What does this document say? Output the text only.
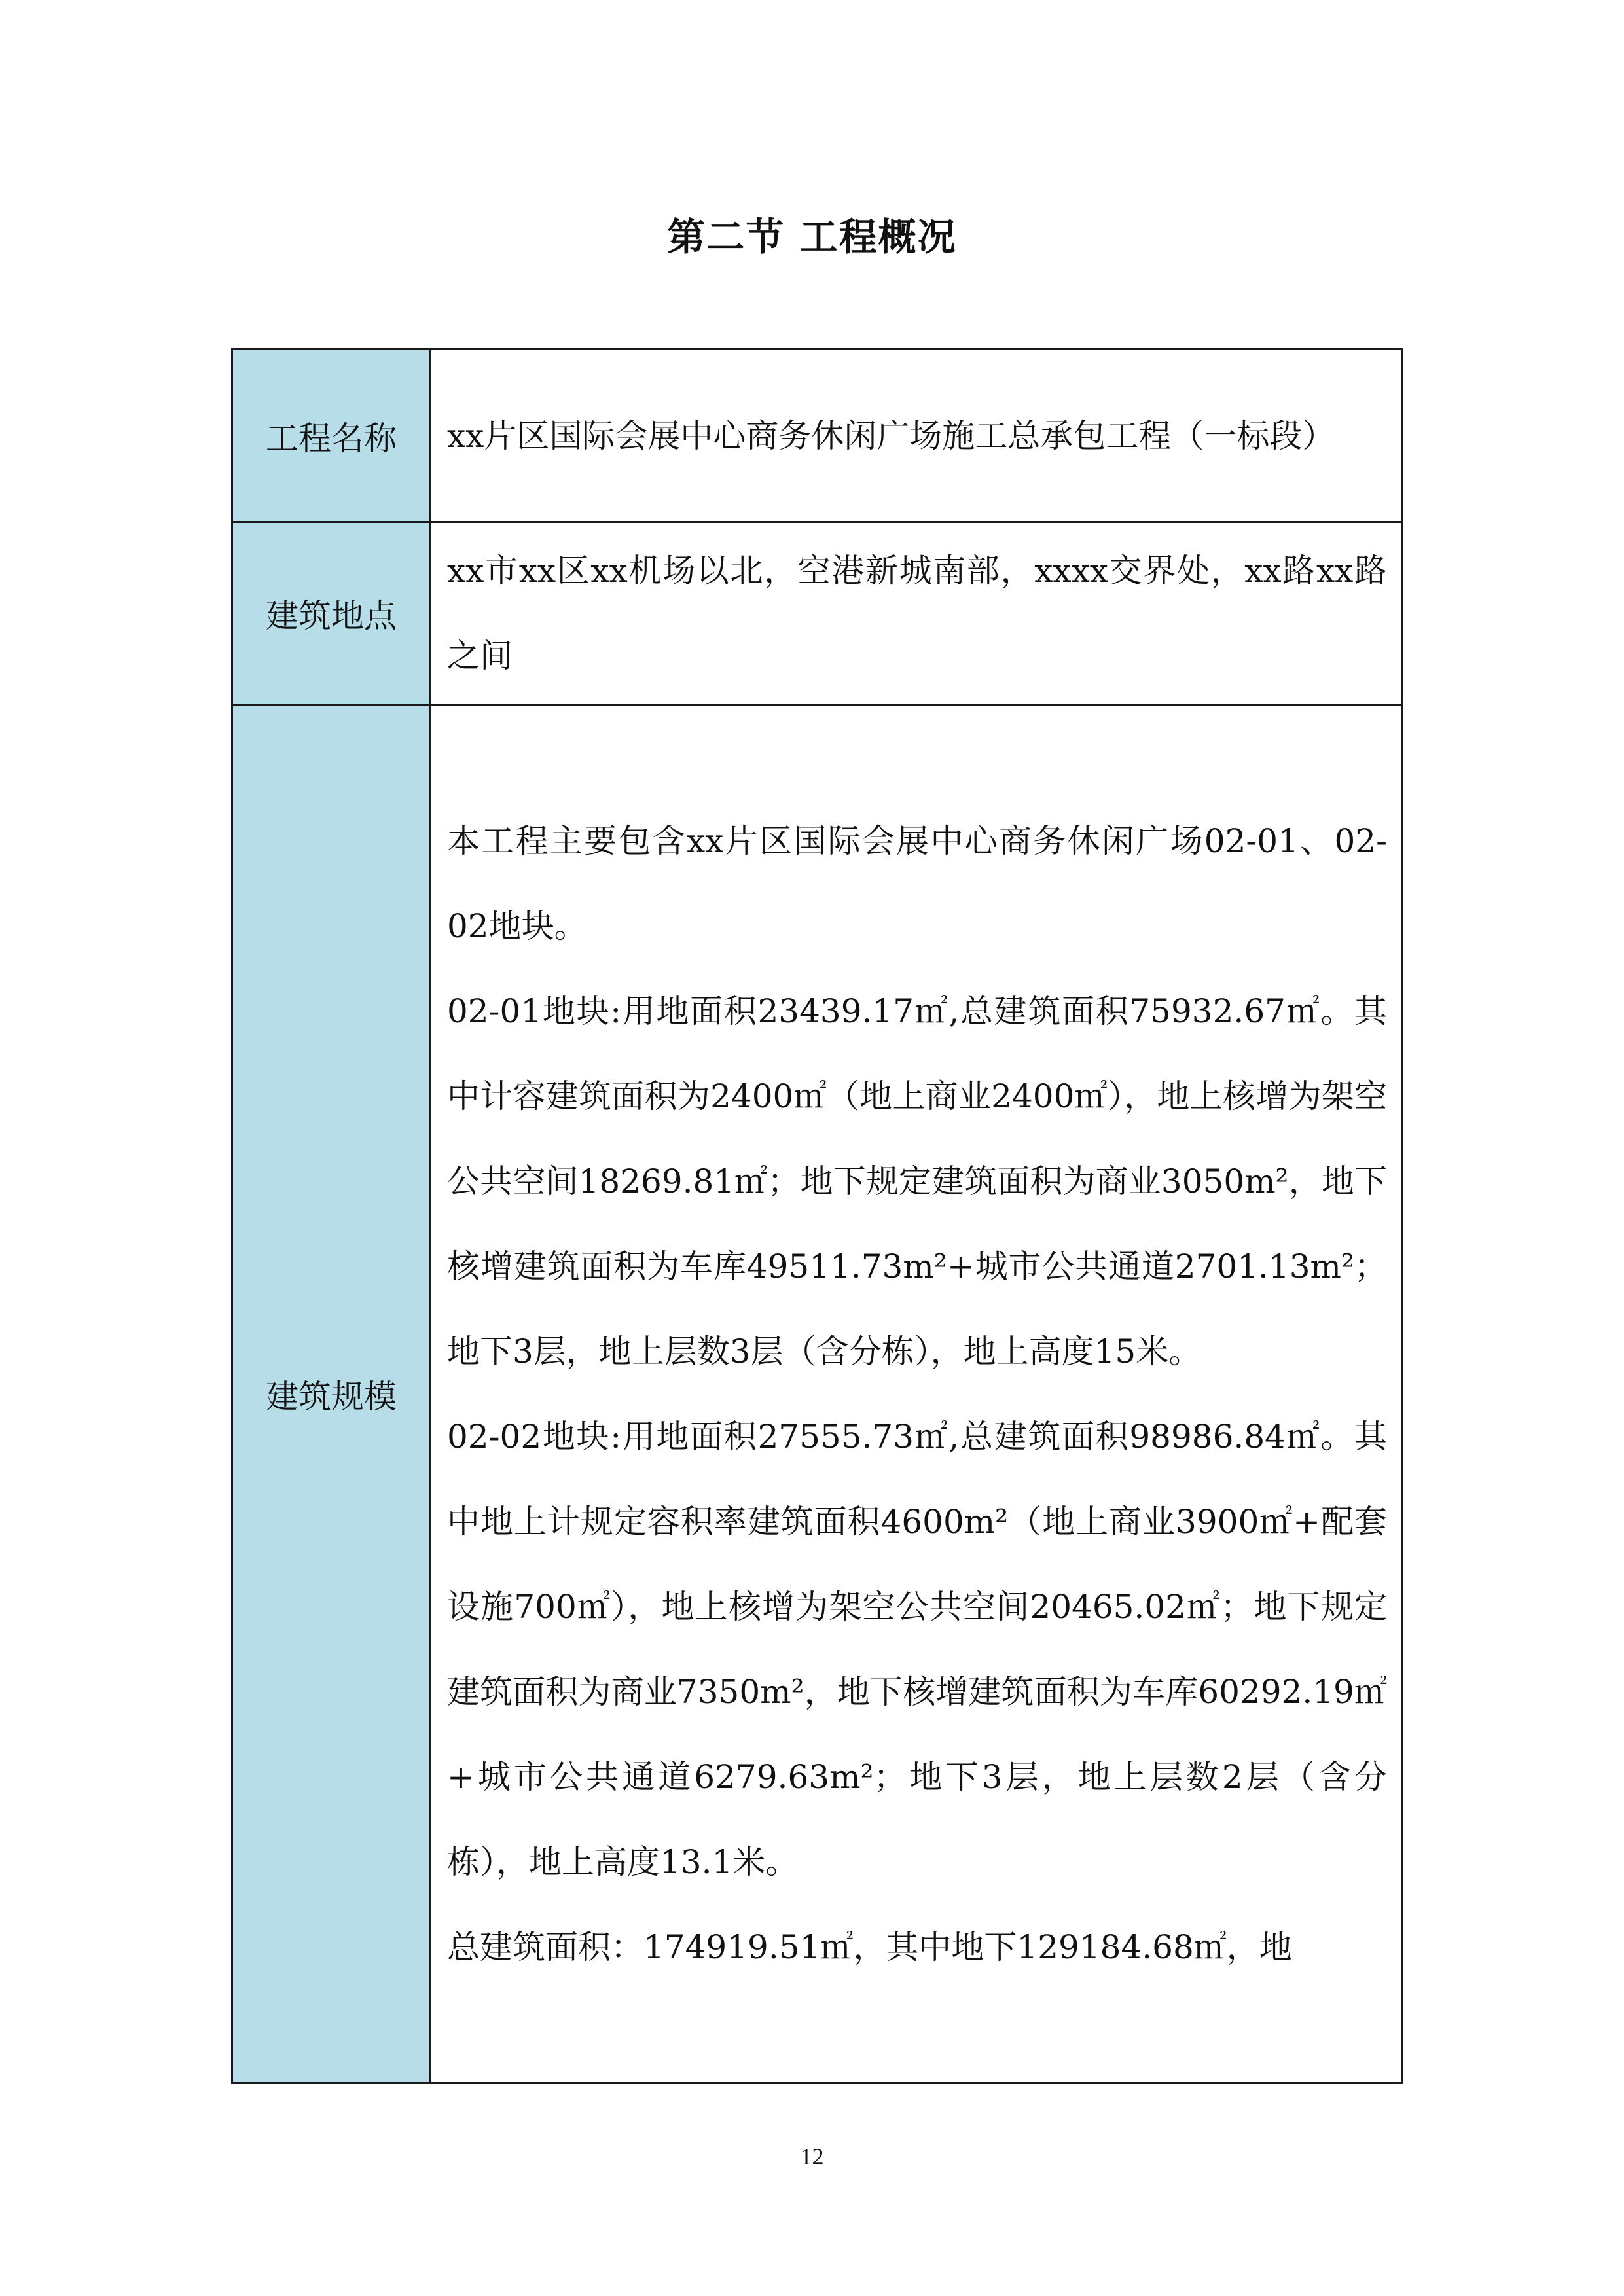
第二节 工程概况
工程名称	xx片区国际会展中心商务休闲广场施工总承包工程（一标段）

建筑地点	xx市xx区xx机场以北，空港新城南部，xxxx交界处，xx路xx路之间

建筑规模	本工程主要包含xx片区国际会展中心商务休闲广场02-01、02-02地块。

02-01地块:用地面积23439.17㎡,总建筑面积75932.67㎡。其中计容建筑面积为2400㎡（地上商业2400㎡），地上核增为架空公共空间18269.81㎡；地下规定建筑面积为商业3050m²，地下核增建筑面积为车库49511.73m²+城市公共通道2701.13m²；地下3层，地上层数3层（含分栋），地上高度15米。

02-02地块:用地面积27555.73㎡,总建筑面积98986.84㎡。其中地上计规定容积率建筑面积4600m²（地上商业3900㎡+配套设施700㎡），地上核增为架空公共空间20465.02㎡；地下规定建筑面积为商业7350m²，地下核增建筑面积为车库60292.19㎡+城市公共通道6279.63m²；地下3层，地上层数2层（含分栋），地上高度13.1米。

总建筑面积：174919.51㎡，其中地下129184.68㎡，地

12
